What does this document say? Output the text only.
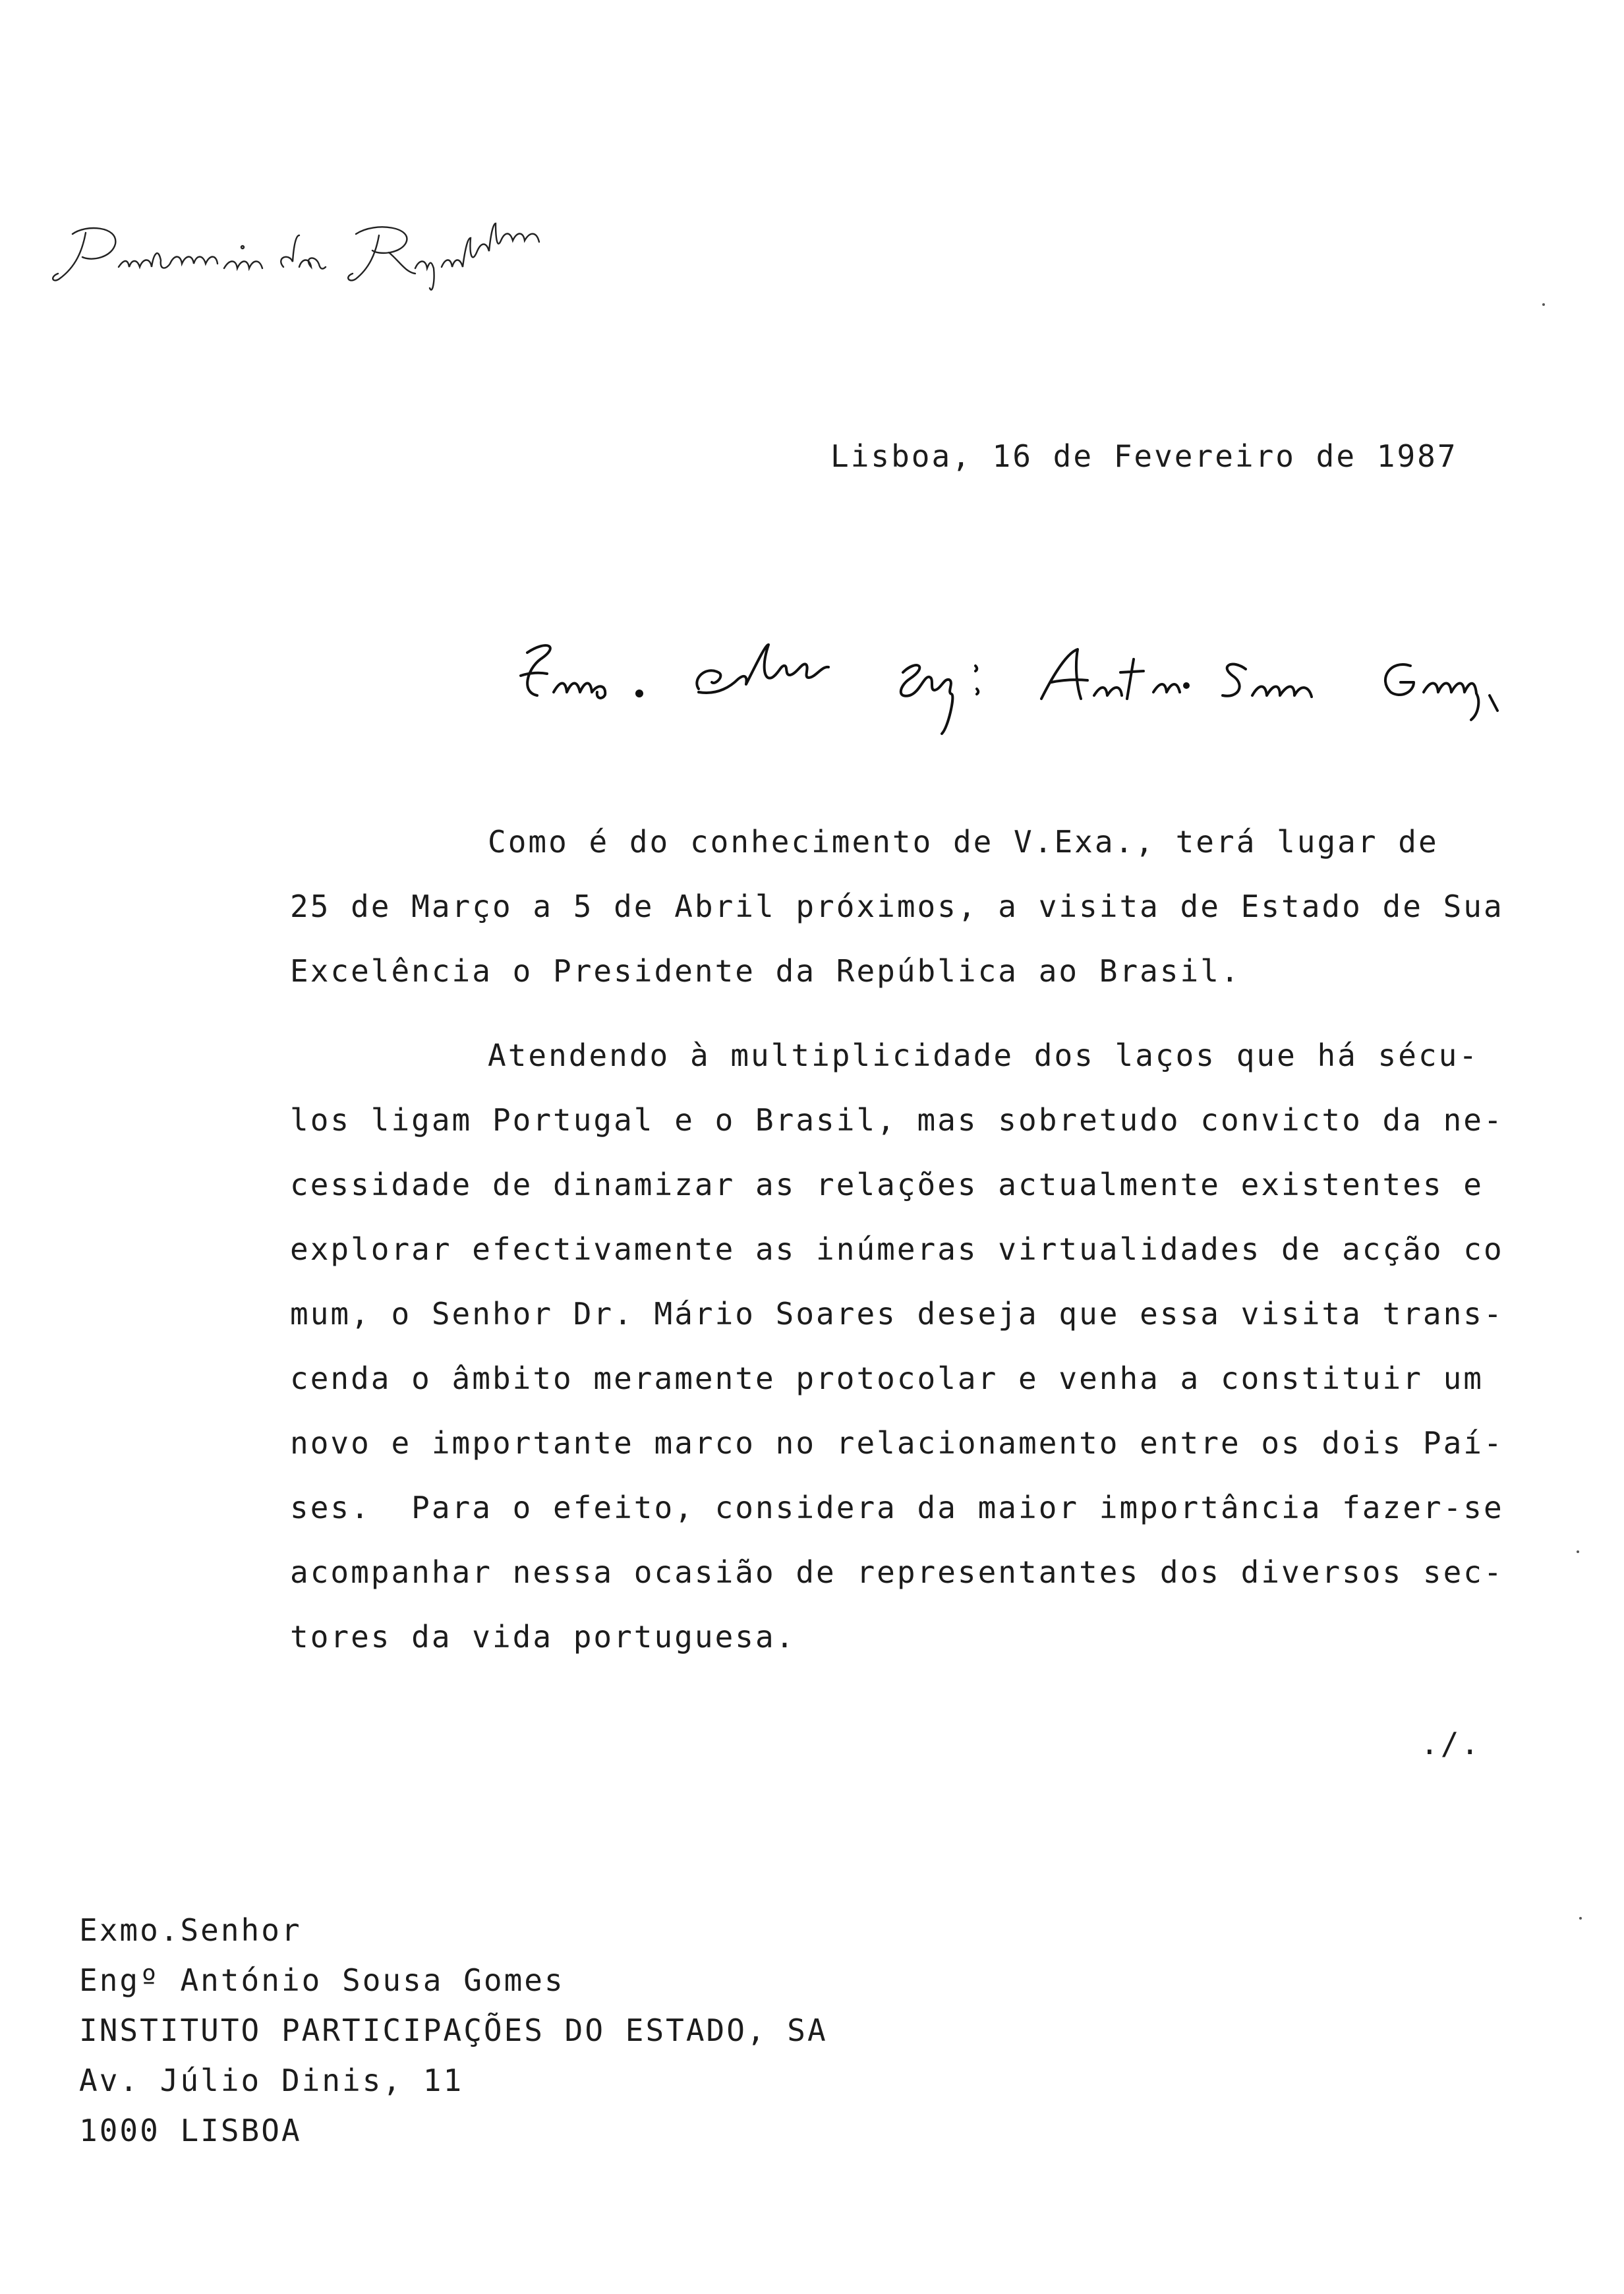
Lisboa, 16 de Fevereiro de 1987

Como é do conhecimento de V.Exa., terá lugar de
25 de Março a 5 de Abril próximos, a visita de Estado de Sua
Excelência o Presidente da República ao Brasil.
Atendendo à multiplicidade dos laços que há sécu-
los ligam Portugal e o Brasil, mas sobretudo convicto da ne-
cessidade de dinamizar as relações actualmente existentes e
explorar efectivamente as inúmeras virtualidades de acção co
mum, o Senhor Dr. Mário Soares deseja que essa visita trans-
cenda o âmbito meramente protocolar e venha a constituir um
novo e importante marco no relacionamento entre os dois Paí-
ses.  Para o efeito, considera da maior importância fazer-se
acompanhar nessa ocasião de representantes dos diversos sec-
tores da vida portuguesa.

./.

Exmo.Senhor
Engº António Sousa Gomes
INSTITUTO PARTICIPAÇÕES DO ESTADO, SA
Av. Júlio Dinis, 11
1000 LISBOA
